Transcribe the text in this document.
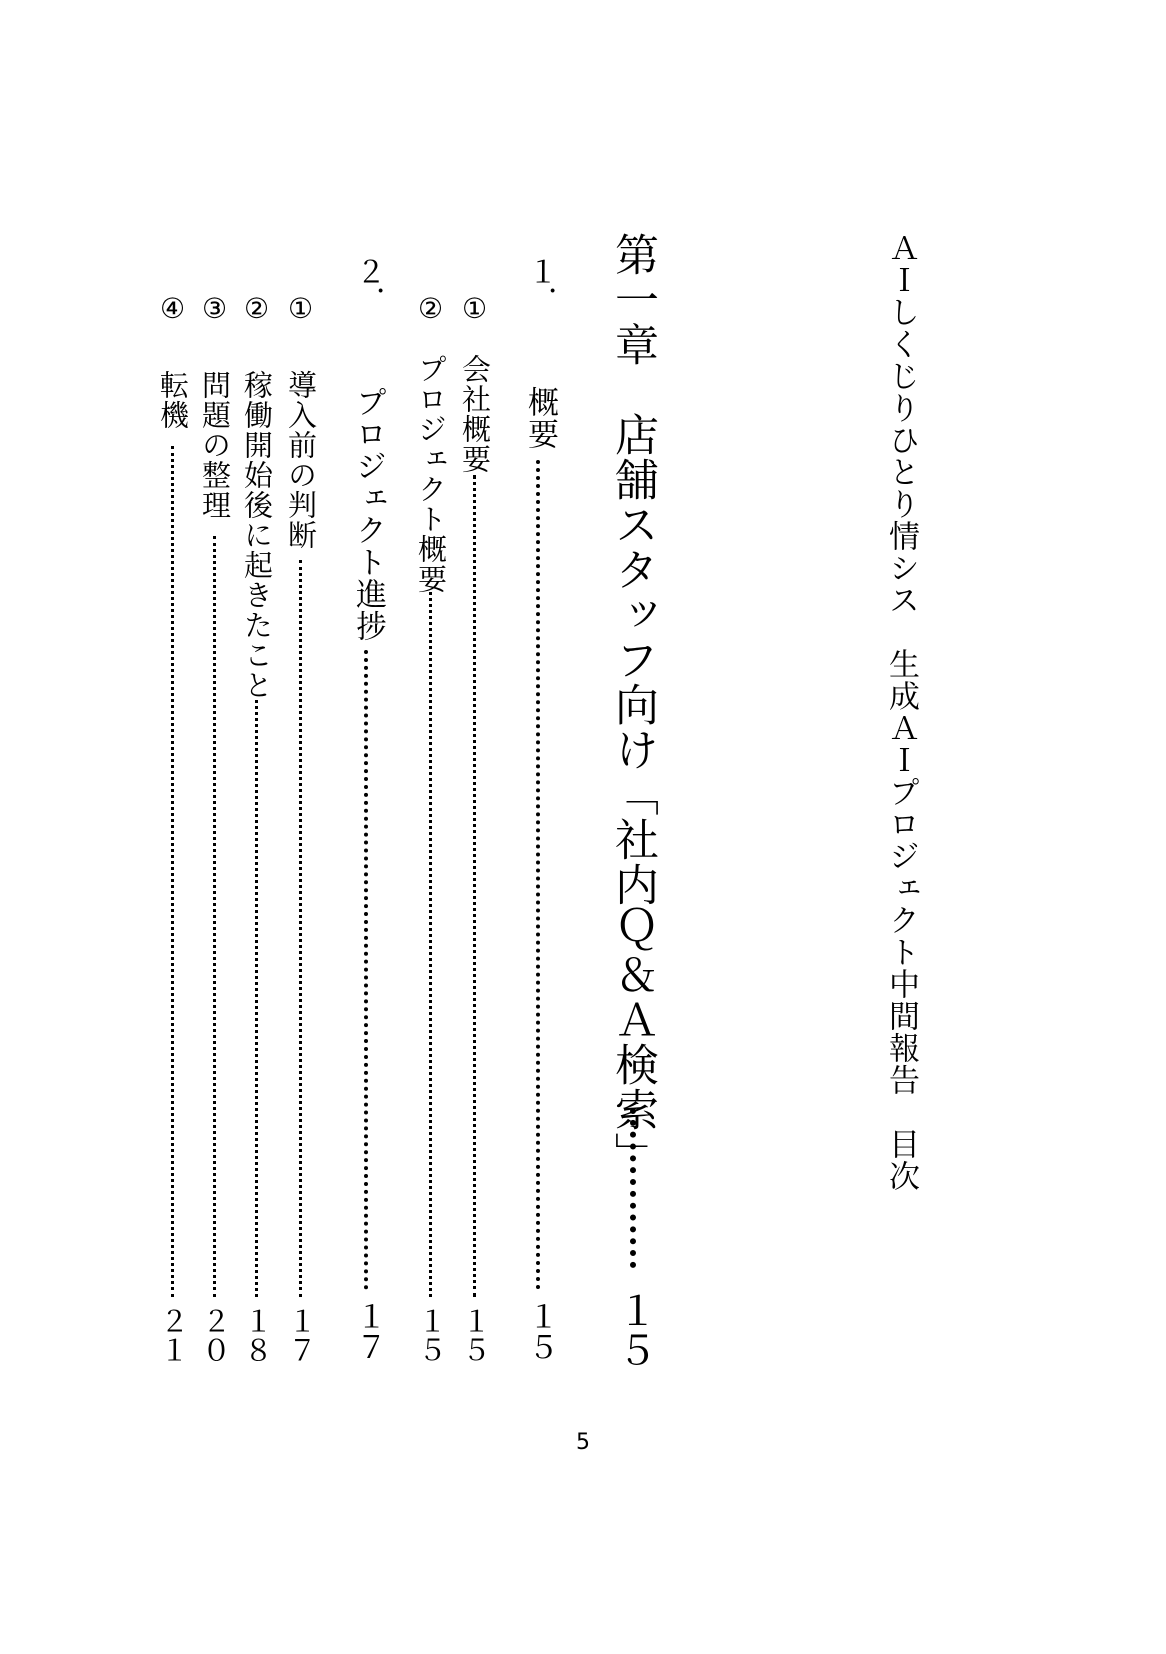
ＡＩしくじりひとり情シス　生成ＡＩプロジェクト中間報告　目次
第一章　店舗スタッフ向け「社内Ｑ＆Ａ検索」
１５
１．
概要
１５
①
会社概要
１５
②
プロジェクト概要
１５
２．
プロジェクト進捗
１７
①
導入前の判断
１７
②
稼働開始後に起きたこと
１８
③
問題の整理
２０
④
転機
２１
5
